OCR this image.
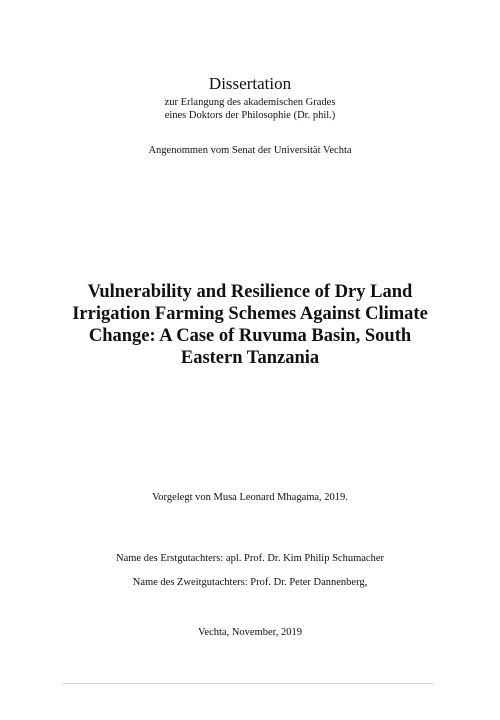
Dissertation
zur Erlangung des akademischen Grades
eines Doktors der Philosophie (Dr. phil.)
Angenommen vom Senat der Universität Vechta
Vulnerability and Resilience of Dry Land
Irrigation Farming Schemes Against Climate
Change: A Case of Ruvuma Basin, South
Eastern Tanzania
Vorgelegt von Musa Leonard Mhagama, 2019.
Name des Erstgutachters: apl. Prof. Dr. Kim Philip Schumacher
Name des Zweitgutachters: Prof. Dr. Peter Dannenberg,
Vechta, November, 2019
